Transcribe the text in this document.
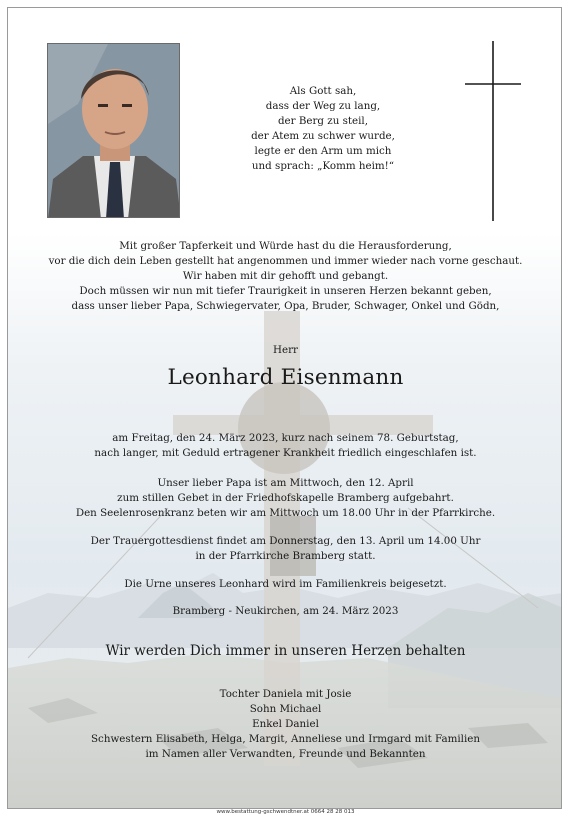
Als Gott sah,
dass der Weg zu lang,
der Berg zu steil,
der Atem zu schwer wurde,
legte er den Arm um mich
und sprach: „Komm heim!“
Mit großer Tapferkeit und Würde hast du die Herausforderung,
vor die dich dein Leben gestellt hat angenommen und immer wieder nach vorne geschaut.
Wir haben mit dir gehofft und gebangt.
Doch müssen wir nun mit tiefer Traurigkeit in unseren Herzen bekannt geben,
dass unser lieber Papa, Schwiegervater, Opa, Bruder, Schwager, Onkel und Gödn,
Herr
Leonhard Eisenmann
am Freitag, den 24. März 2023, kurz nach seinem 78. Geburtstag,
nach langer, mit Geduld ertragener Krankheit friedlich eingeschlafen ist.
Unser lieber Papa ist am Mittwoch, den 12. April
zum stillen Gebet in der Friedhofskapelle Bramberg aufgebahrt.
Den Seelenrosenkranz beten wir am Mittwoch um 18.00 Uhr in der Pfarrkirche.
Der Trauergottesdienst findet am Donnerstag, den 13. April um 14.00 Uhr
in der Pfarrkirche Bramberg statt.
Die Urne unseres Leonhard wird im Familienkreis beigesetzt.
Bramberg - Neukirchen, am 24. März 2023
Wir werden Dich immer in unseren Herzen behalten
Tochter Daniela mit Josie
Sohn Michael
Enkel Daniel
Schwestern Elisabeth, Helga, Margit, Anneliese und Irmgard mit Familien
im Namen aller Verwandten, Freunde und Bekannten
www.bestattung-gschwendtner.at 0664 28 28 013
